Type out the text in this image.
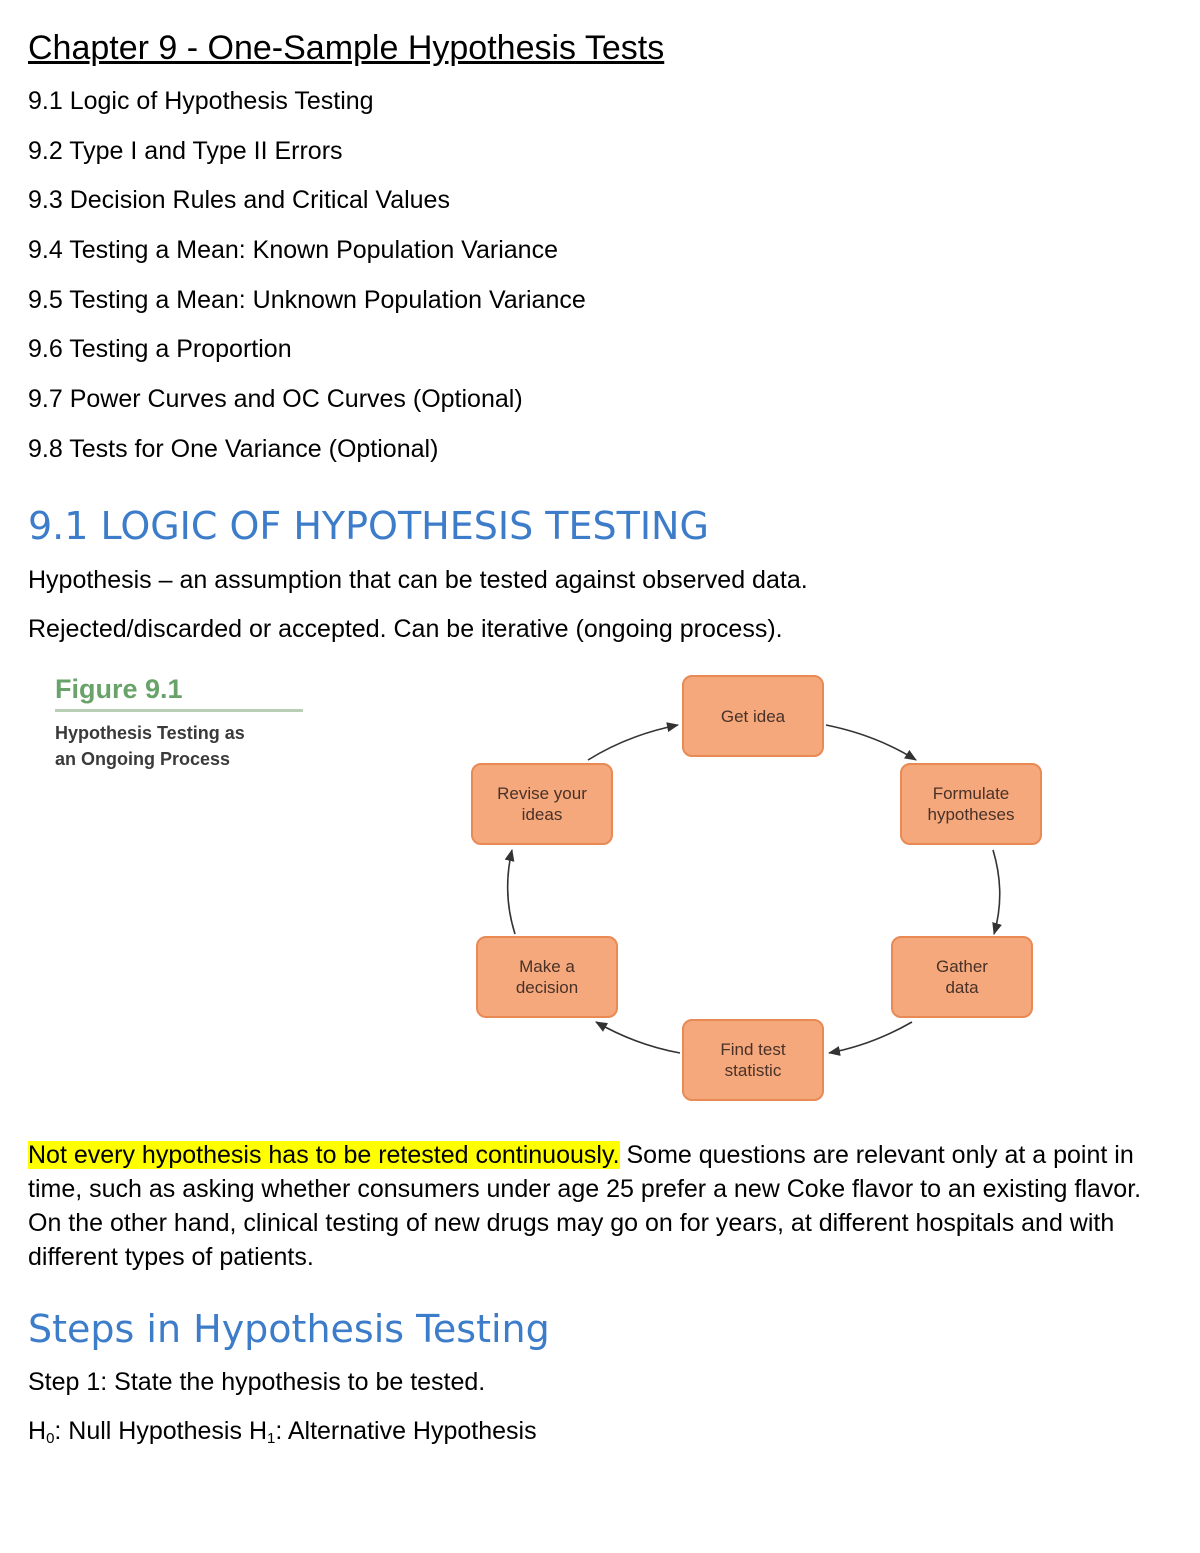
Chapter 9 - One-Sample Hypothesis Tests
9.1 Logic of Hypothesis Testing
9.2 Type I and Type II Errors
9.3 Decision Rules and Critical Values
9.4 Testing a Mean: Known Population Variance
9.5 Testing a Mean: Unknown Population Variance
9.6 Testing a Proportion
9.7 Power Curves and OC Curves (Optional)
9.8 Tests for One Variance (Optional)
9.1 LOGIC OF HYPOTHESIS TESTING

Hypothesis – an assumption that can be tested against observed data.

Rejected/discarded or accepted. Can be iterative (ongoing process).

Figure 9.1
Hypothesis Testing as
an Ongoing Process
Get idea
Formulate
hypotheses
Gather
data
Find test
statistic
Make a
decision
Revise your
ideas

Not every hypothesis has to be retested continuously. Some questions are relevant only at a point in time, such as asking whether consumers under age 25 prefer a new Coke flavor to an existing flavor. On the other hand, clinical testing of new drugs may go on for years, at different hospitals and with different types of patients.

Steps in Hypothesis Testing

Step 1: State the hypothesis to be tested.

$H_0$: Null Hypothesis $H_1$: Alternative Hypothesis
